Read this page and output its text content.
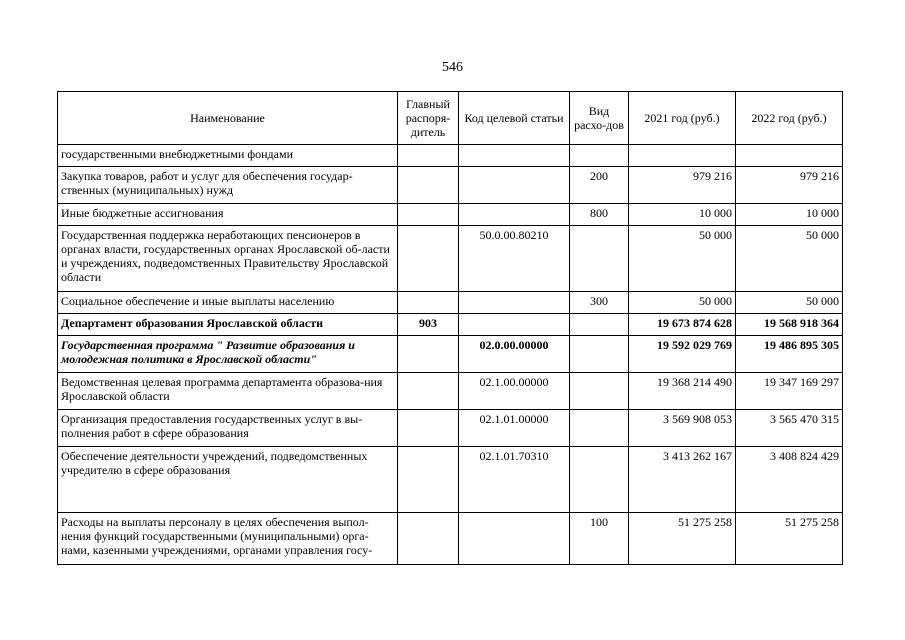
546
Наименование	Главный распоря-дитель	Код целевой статьи	Вид расхо-дов	2021 год (руб.)	2022 год (руб.)
государственными внебюджетными фондами					
Закупка товаров, работ и услуг для обеспечения государ-ственных (муниципальных) нужд			200	979 216	979 216
Иные бюджетные ассигнования			800	10 000	10 000
Государственная поддержка неработающих пенсионеров в органах власти, государственных органах Ярославской об-ласти и учреждениях, подведомственных Правительству Ярославской области		50.0.00.80210		50 000	50 000
Социальное обеспечение и иные выплаты населению			300	50 000	50 000
Департамент образования Ярославской области	903			19 673 874 628	19 568 918 364
Государственная программа " Развитие образования и молодежная политика в Ярославской области"		02.0.00.00000		19 592 029 769	19 486 895 305
Ведомственная целевая программа департамента образова-ния Ярославской области		02.1.00.00000		19 368 214 490	19 347 169 297
Организация предоставления государственных услуг в вы-полнения работ в сфере образования		02.1.01.00000		3 569 908 053	3 565 470 315
Обеспечение деятельности учреждений, подведомственных учредителю в сфере образования		02.1.01.70310		3 413 262 167	3 408 824 429
Расходы на выплаты персоналу в целях обеспечения выпол-нения функций государственными (муниципальными) орга-нами, казенными учреждениями, органами управления госу-			100	51 275 258	51 275 258
